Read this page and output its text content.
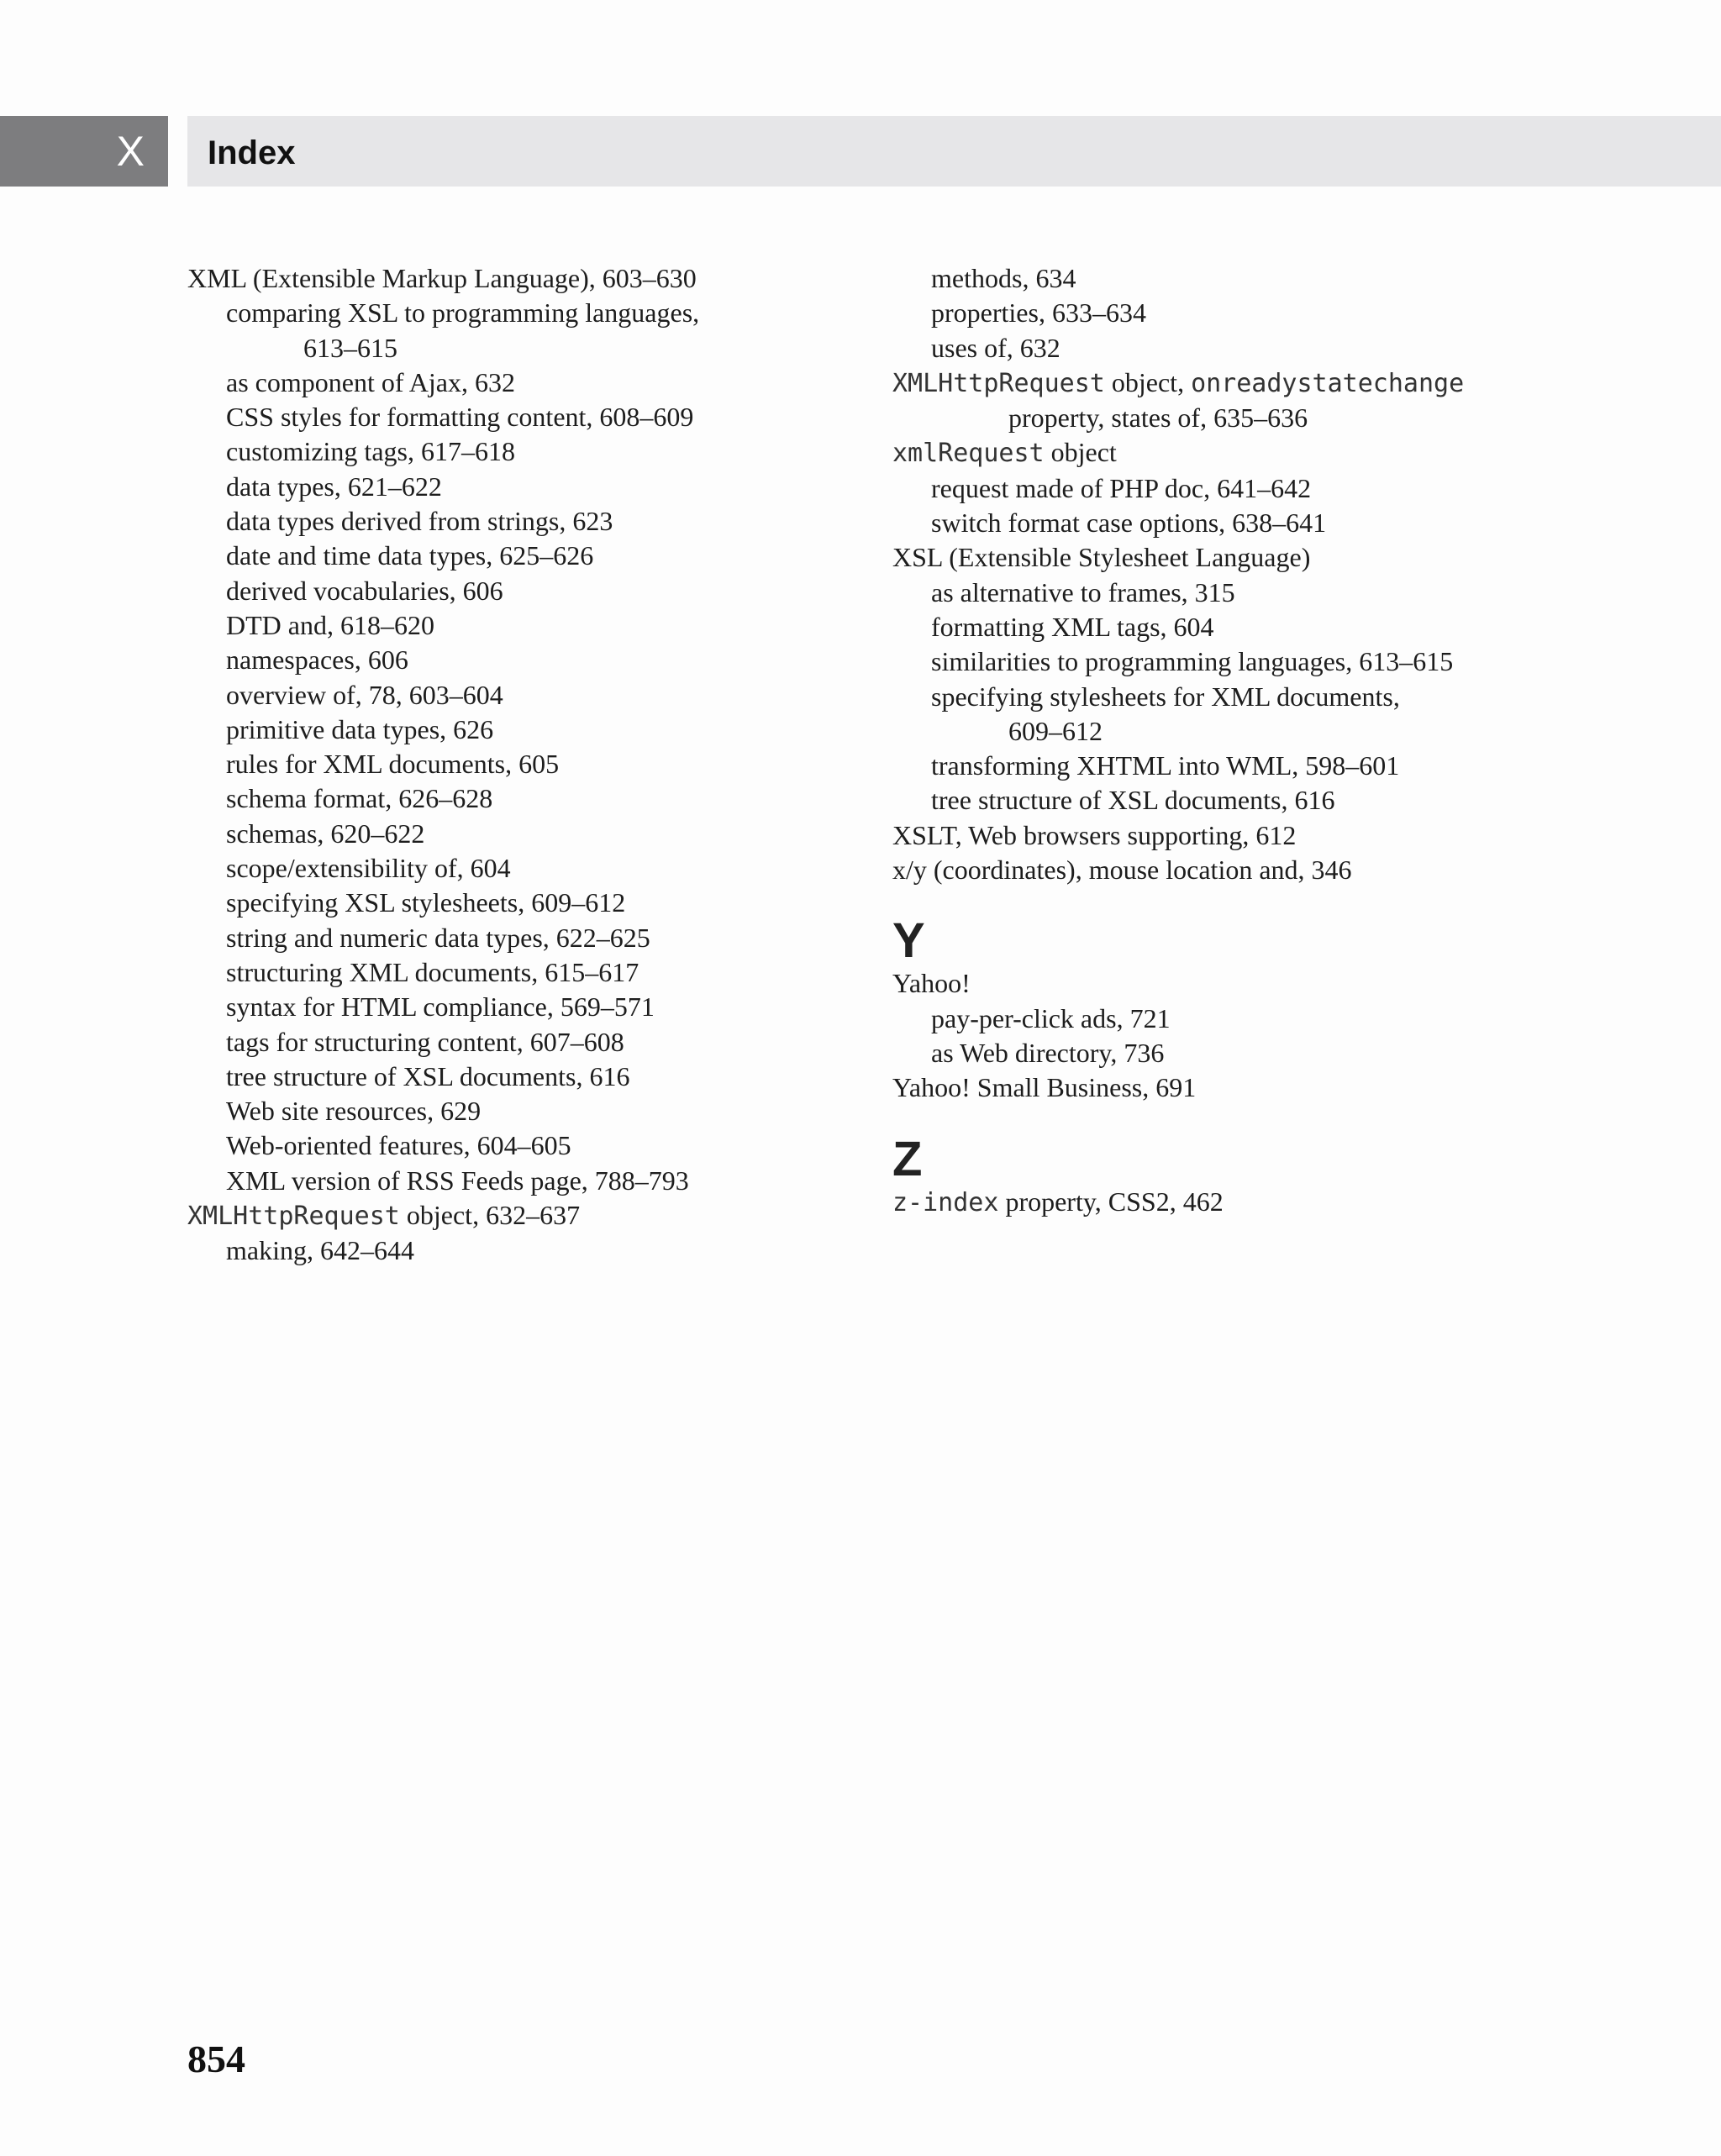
X	Index
XML (Extensible Markup Language), 603–630
comparing XSL to programming languages,
613–615
as component of Ajax, 632
CSS styles for formatting content, 608–609
customizing tags, 617–618
data types, 621–622
data types derived from strings, 623
date and time data types, 625–626
derived vocabularies, 606
DTD and, 618–620
namespaces, 606
overview of, 78, 603–604
primitive data types, 626
rules for XML documents, 605
schema format, 626–628
schemas, 620–622
scope/extensibility of, 604
specifying XSL stylesheets, 609–612
string and numeric data types, 622–625
structuring XML documents, 615–617
syntax for HTML compliance, 569–571
tags for structuring content, 607–608
tree structure of XSL documents, 616
Web site resources, 629
Web-oriented features, 604–605
XML version of RSS Feeds page, 788–793
XMLHttpRequest object, 632–637
making, 642–644
methods, 634
properties, 633–634
uses of, 632
XMLHttpRequest object, onreadystatechange
property, states of, 635–636
xmlRequest object
request made of PHP doc, 641–642
switch format case options, 638–641
XSL (Extensible Stylesheet Language)
as alternative to frames, 315
formatting XML tags, 604
similarities to programming languages, 613–615
specifying stylesheets for XML documents,
609–612
transforming XHTML into WML, 598–601
tree structure of XSL documents, 616
XSLT, Web browsers supporting, 612
x/y (coordinates), mouse location and, 346
Y
Yahoo!
pay-per-click ads, 721
as Web directory, 736
Yahoo! Small Business, 691
Z
z-index property, CSS2, 462
854
